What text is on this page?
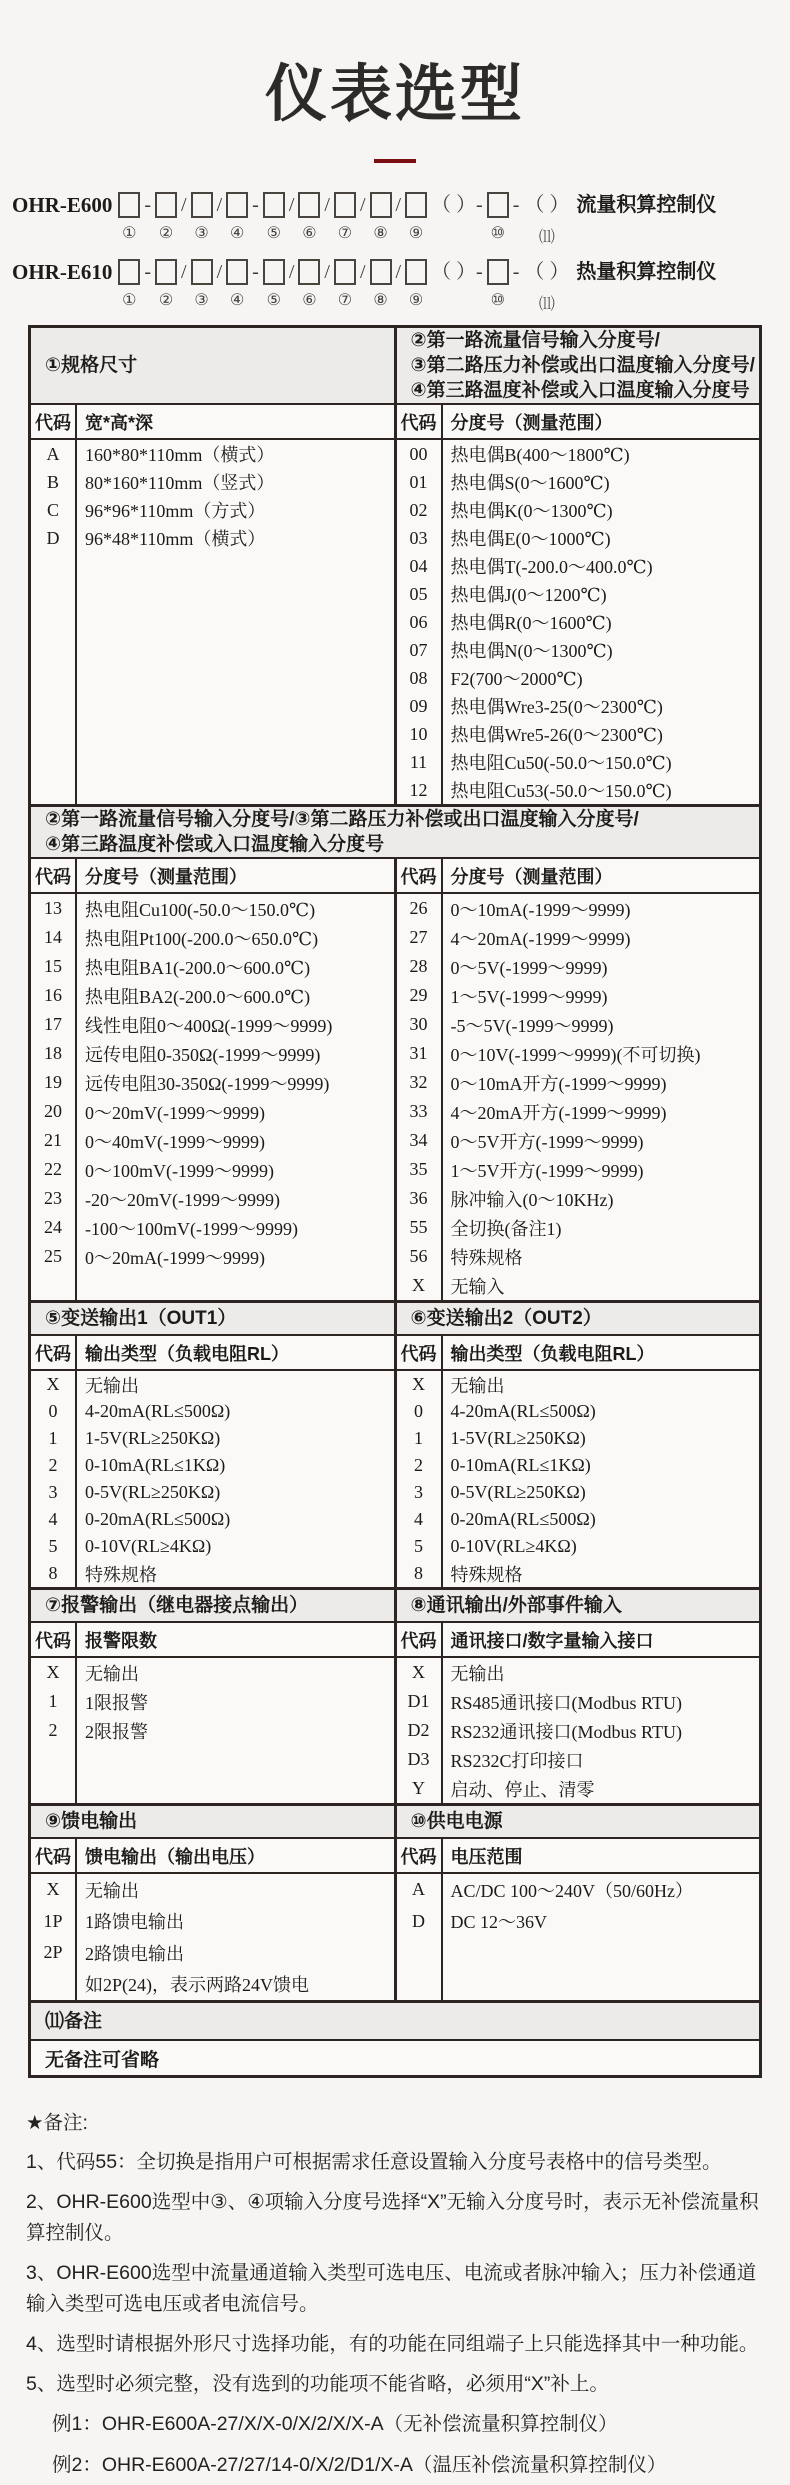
仪表选型
OHR-E600
①
-
②
/
③
/
④
-
⑤
/
⑥
/
⑦
/
⑧
/
⑨
（ ）-
⑩
- （ ）
⑾
流量积算控制仪
OHR-E610
①
-
②
/
③
/
④
-
⑤
/
⑥
/
⑦
/
⑧
/
⑨
（ ）-
⑩
- （ ）
⑾
热量积算控制仪
①规格尺寸
代码 宽*高*深
A	160*80*110mm（横式）
B	80*160*110mm（竖式）
C	96*96*110mm（方式）
D	96*48*110mm（横式）
②第一路流量信号输入分度号/
③第二路压力补偿或出口温度输入分度号/
④第三路温度补偿或入口温度输入分度号
代码 分度号（测量范围）
00	热电偶B(400～1800℃)
01	热电偶S(0～1600℃)
02	热电偶K(0～1300℃)
03	热电偶E(0～1000℃)
04	热电偶T(-200.0～400.0℃)
05	热电偶J(0～1200℃)
06	热电偶R(0～1600℃)
07	热电偶N(0～1300℃)
08	F2(700～2000℃)
09	热电偶Wre3-25(0～2300℃)
10	热电偶Wre5-26(0～2300℃)
11	热电阻Cu50(-50.0～150.0℃)
12	热电阻Cu53(-50.0～150.0℃)
②第一路流量信号输入分度号/③第二路压力补偿或出口温度输入分度号/
④第三路温度补偿或入口温度输入分度号
代码 分度号（测量范围）
13	热电阻Cu100(-50.0～150.0℃)
14	热电阻Pt100(-200.0～650.0℃)
15	热电阻BA1(-200.0～600.0℃)
16	热电阻BA2(-200.0～600.0℃)
17	线性电阻0～400Ω(-1999～9999)
18	远传电阻0-350Ω(-1999～9999)
19	远传电阻30-350Ω(-1999～9999)
20	0～20mV(-1999～9999)
21	0～40mV(-1999～9999)
22	0～100mV(-1999～9999)
23	-20～20mV(-1999～9999)
24	-100～100mV(-1999～9999)
25	0～20mA(-1999～9999)
代码 分度号（测量范围）
26	0～10mA(-1999～9999)
27	4～20mA(-1999～9999)
28	0～5V(-1999～9999)
29	1～5V(-1999～9999)
30	-5～5V(-1999～9999)
31	0～10V(-1999～9999)(不可切换)
32	0～10mA开方(-1999～9999)
33	4～20mA开方(-1999～9999)
34	0～5V开方(-1999～9999)
35	1～5V开方(-1999～9999)
36	脉冲输入(0～10KHz)
55	全切换(备注1)
56	特殊规格
X	无输入
⑤变送输出1（OUT1）
代码 输出类型（负载电阻RL）
X	无输出
0	4-20mA(RL≤500Ω)
1	1-5V(RL≥250KΩ)
2	0-10mA(RL≤1KΩ)
3	0-5V(RL≥250KΩ)
4	0-20mA(RL≤500Ω)
5	0-10V(RL≥4KΩ)
8	特殊规格
⑥变送输出2（OUT2）
代码 输出类型（负载电阻RL）
X	无输出
0	4-20mA(RL≤500Ω)
1	1-5V(RL≥250KΩ)
2	0-10mA(RL≤1KΩ)
3	0-5V(RL≥250KΩ)
4	0-20mA(RL≤500Ω)
5	0-10V(RL≥4KΩ)
8	特殊规格
⑦报警输出（继电器接点输出）
代码 报警限数
X	无输出
1	1限报警
2	2限报警
⑧通讯输出/外部事件输入
代码 通讯接口/数字量输入接口
X	无输出
D1	RS485通讯接口(Modbus RTU)
D2	RS232通讯接口(Modbus RTU)
D3	RS232C打印接口
Y	启动、停止、清零
⑨馈电输出
代码 馈电输出（输出电压）
X	无输出
1P	1路馈电输出
2P	2路馈电输出
如2P(24)，表示两路24V馈电
⑩供电电源
代码 电压范围
A	AC/DC 100～240V（50/60Hz）
D	DC 12～36V
⑾备注
无备注可省略
★备注:
1、代码55：全切换是指用户可根据需求任意设置输入分度号表格中的信号类型。
2、OHR-E600选型中③、④项输入分度号选择“X”无输入分度号时，表示无补偿流量积算控制仪。
3、OHR-E600选型中流量通道输入类型可选电压、电流或者脉冲输入；压力补偿通道输入类型可选电压或者电流信号。
4、选型时请根据外形尺寸选择功能，有的功能在同组端子上只能选择其中一种功能。
5、选型时必须完整，没有选到的功能项不能省略，必须用“X”补上。
例1：OHR-E600A-27/X/X-0/X/2/X/X-A（无补偿流量积算控制仪）
例2：OHR-E600A-27/27/14-0/X/2/D1/X-A（温压补偿流量积算控制仪）
